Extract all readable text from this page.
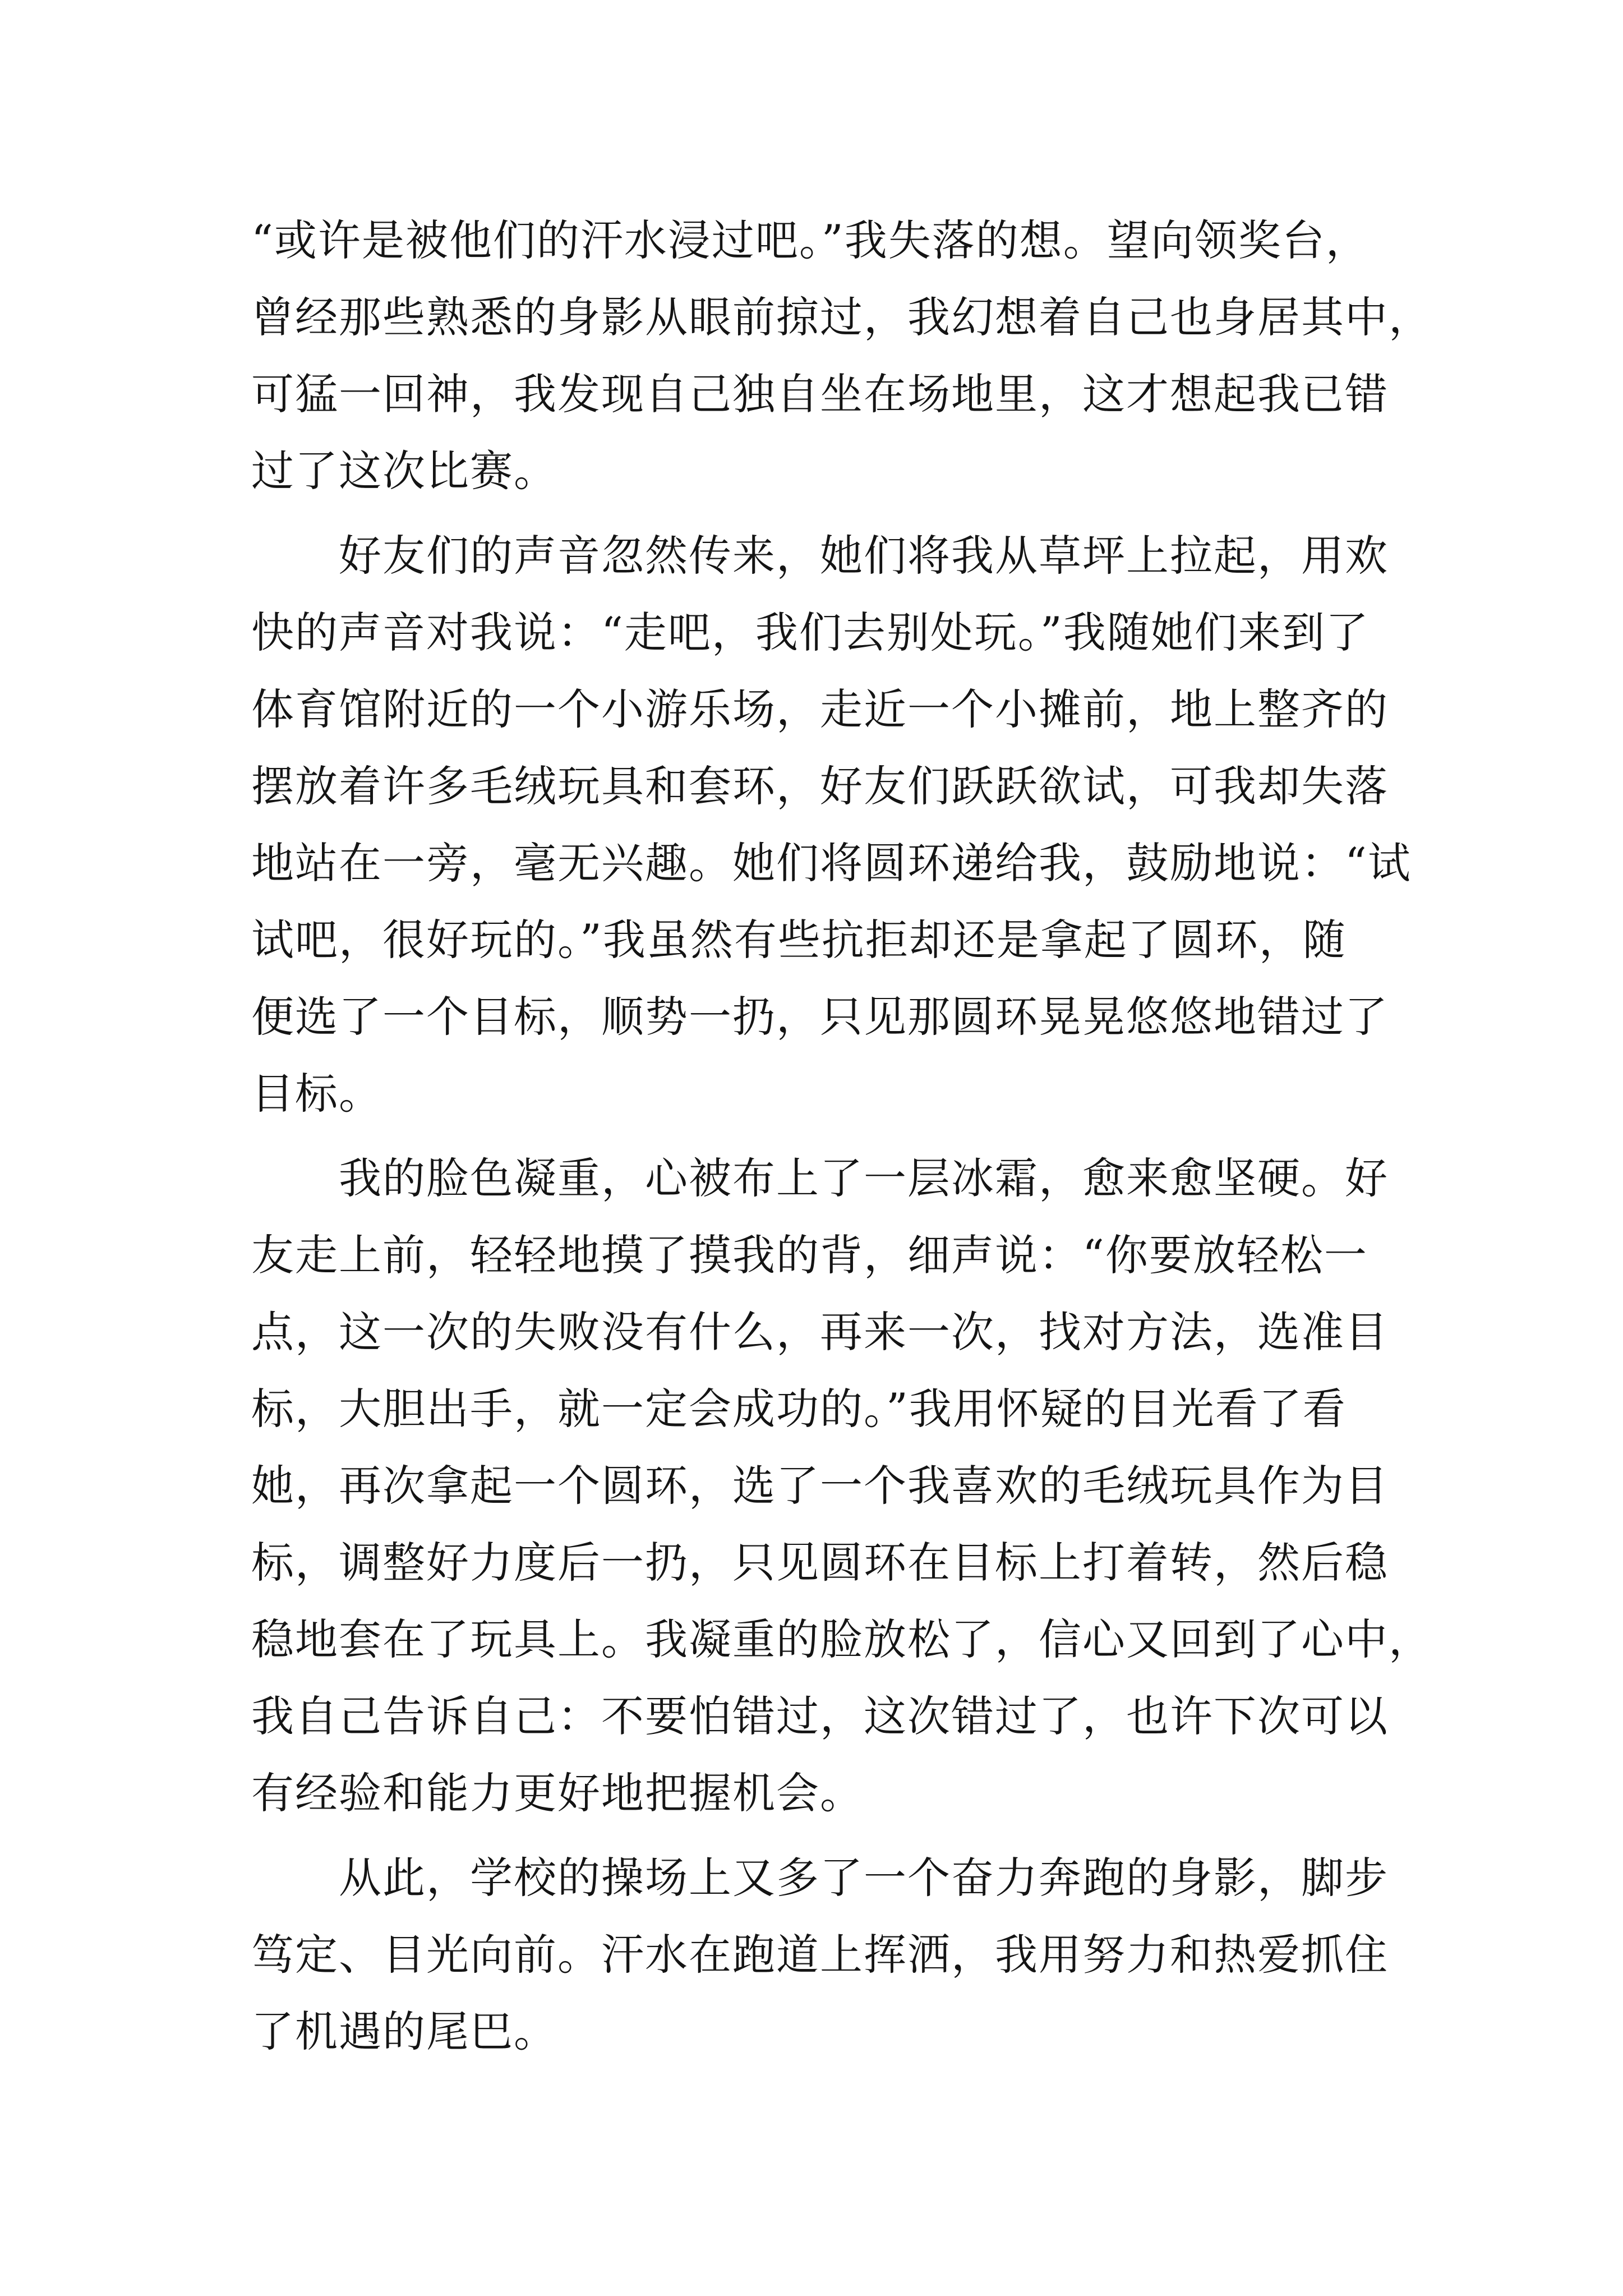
“或许是被他们的汗水浸过吧。”我失落的想。望向领奖台，
曾经那些熟悉的身影从眼前掠过，我幻想着自己也身居其中，
可猛一回神，我发现自己独自坐在场地里，这才想起我已错
过了这次比赛。
　　好友们的声音忽然传来，她们将我从草坪上拉起，用欢
快的声音对我说：“走吧，我们去别处玩。”我随她们来到了
体育馆附近的一个小游乐场，走近一个小摊前，地上整齐的
摆放着许多毛绒玩具和套环，好友们跃跃欲试，可我却失落
地站在一旁，毫无兴趣。她们将圆环递给我，鼓励地说：“试
试吧，很好玩的。”我虽然有些抗拒却还是拿起了圆环，随
便选了一个目标，顺势一扔，只见那圆环晃晃悠悠地错过了
目标。
　　我的脸色凝重，心被布上了一层冰霜，愈来愈坚硬。好
友走上前，轻轻地摸了摸我的背，细声说：“你要放轻松一
点，这一次的失败没有什么，再来一次，找对方法，选准目
标，大胆出手，就一定会成功的。”我用怀疑的目光看了看
她，再次拿起一个圆环，选了一个我喜欢的毛绒玩具作为目
标，调整好力度后一扔，只见圆环在目标上打着转，然后稳
稳地套在了玩具上。我凝重的脸放松了，信心又回到了心中，
我自己告诉自己：不要怕错过，这次错过了，也许下次可以
有经验和能力更好地把握机会。
　　从此，学校的操场上又多了一个奋力奔跑的身影，脚步
笃定、目光向前。汗水在跑道上挥洒，我用努力和热爱抓住
了机遇的尾巴。
